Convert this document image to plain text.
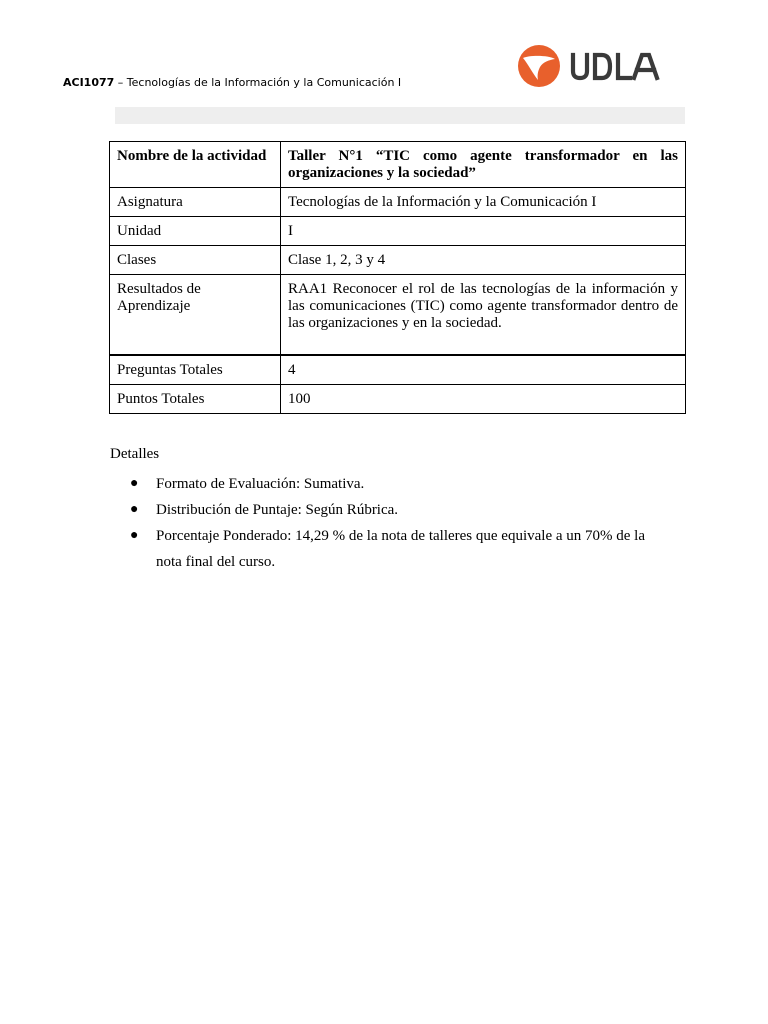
ACI1077 – Tecnologías de la Información y la Comunicación I
Nombre de la actividad	Taller N°1 “TIC como agente transformador en las organizaciones y la sociedad”
Asignatura	Tecnologías de la Información y la Comunicación I
Unidad	I
Clases	Clase 1, 2, 3 y 4
Resultados de Aprendizaje	RAA1 Reconocer el rol de las tecnologías de la información y las comunicaciones (TIC) como agente transformador dentro de las organizaciones y en la sociedad.
Preguntas Totales	4
Puntos Totales	100
Detalles
● Formato de Evaluación: Sumativa.
● Distribución de Puntaje: Según Rúbrica.
● Porcentaje Ponderado: 14,29 % de la nota de talleres que equivale a un 70% de la nota final del curso.
